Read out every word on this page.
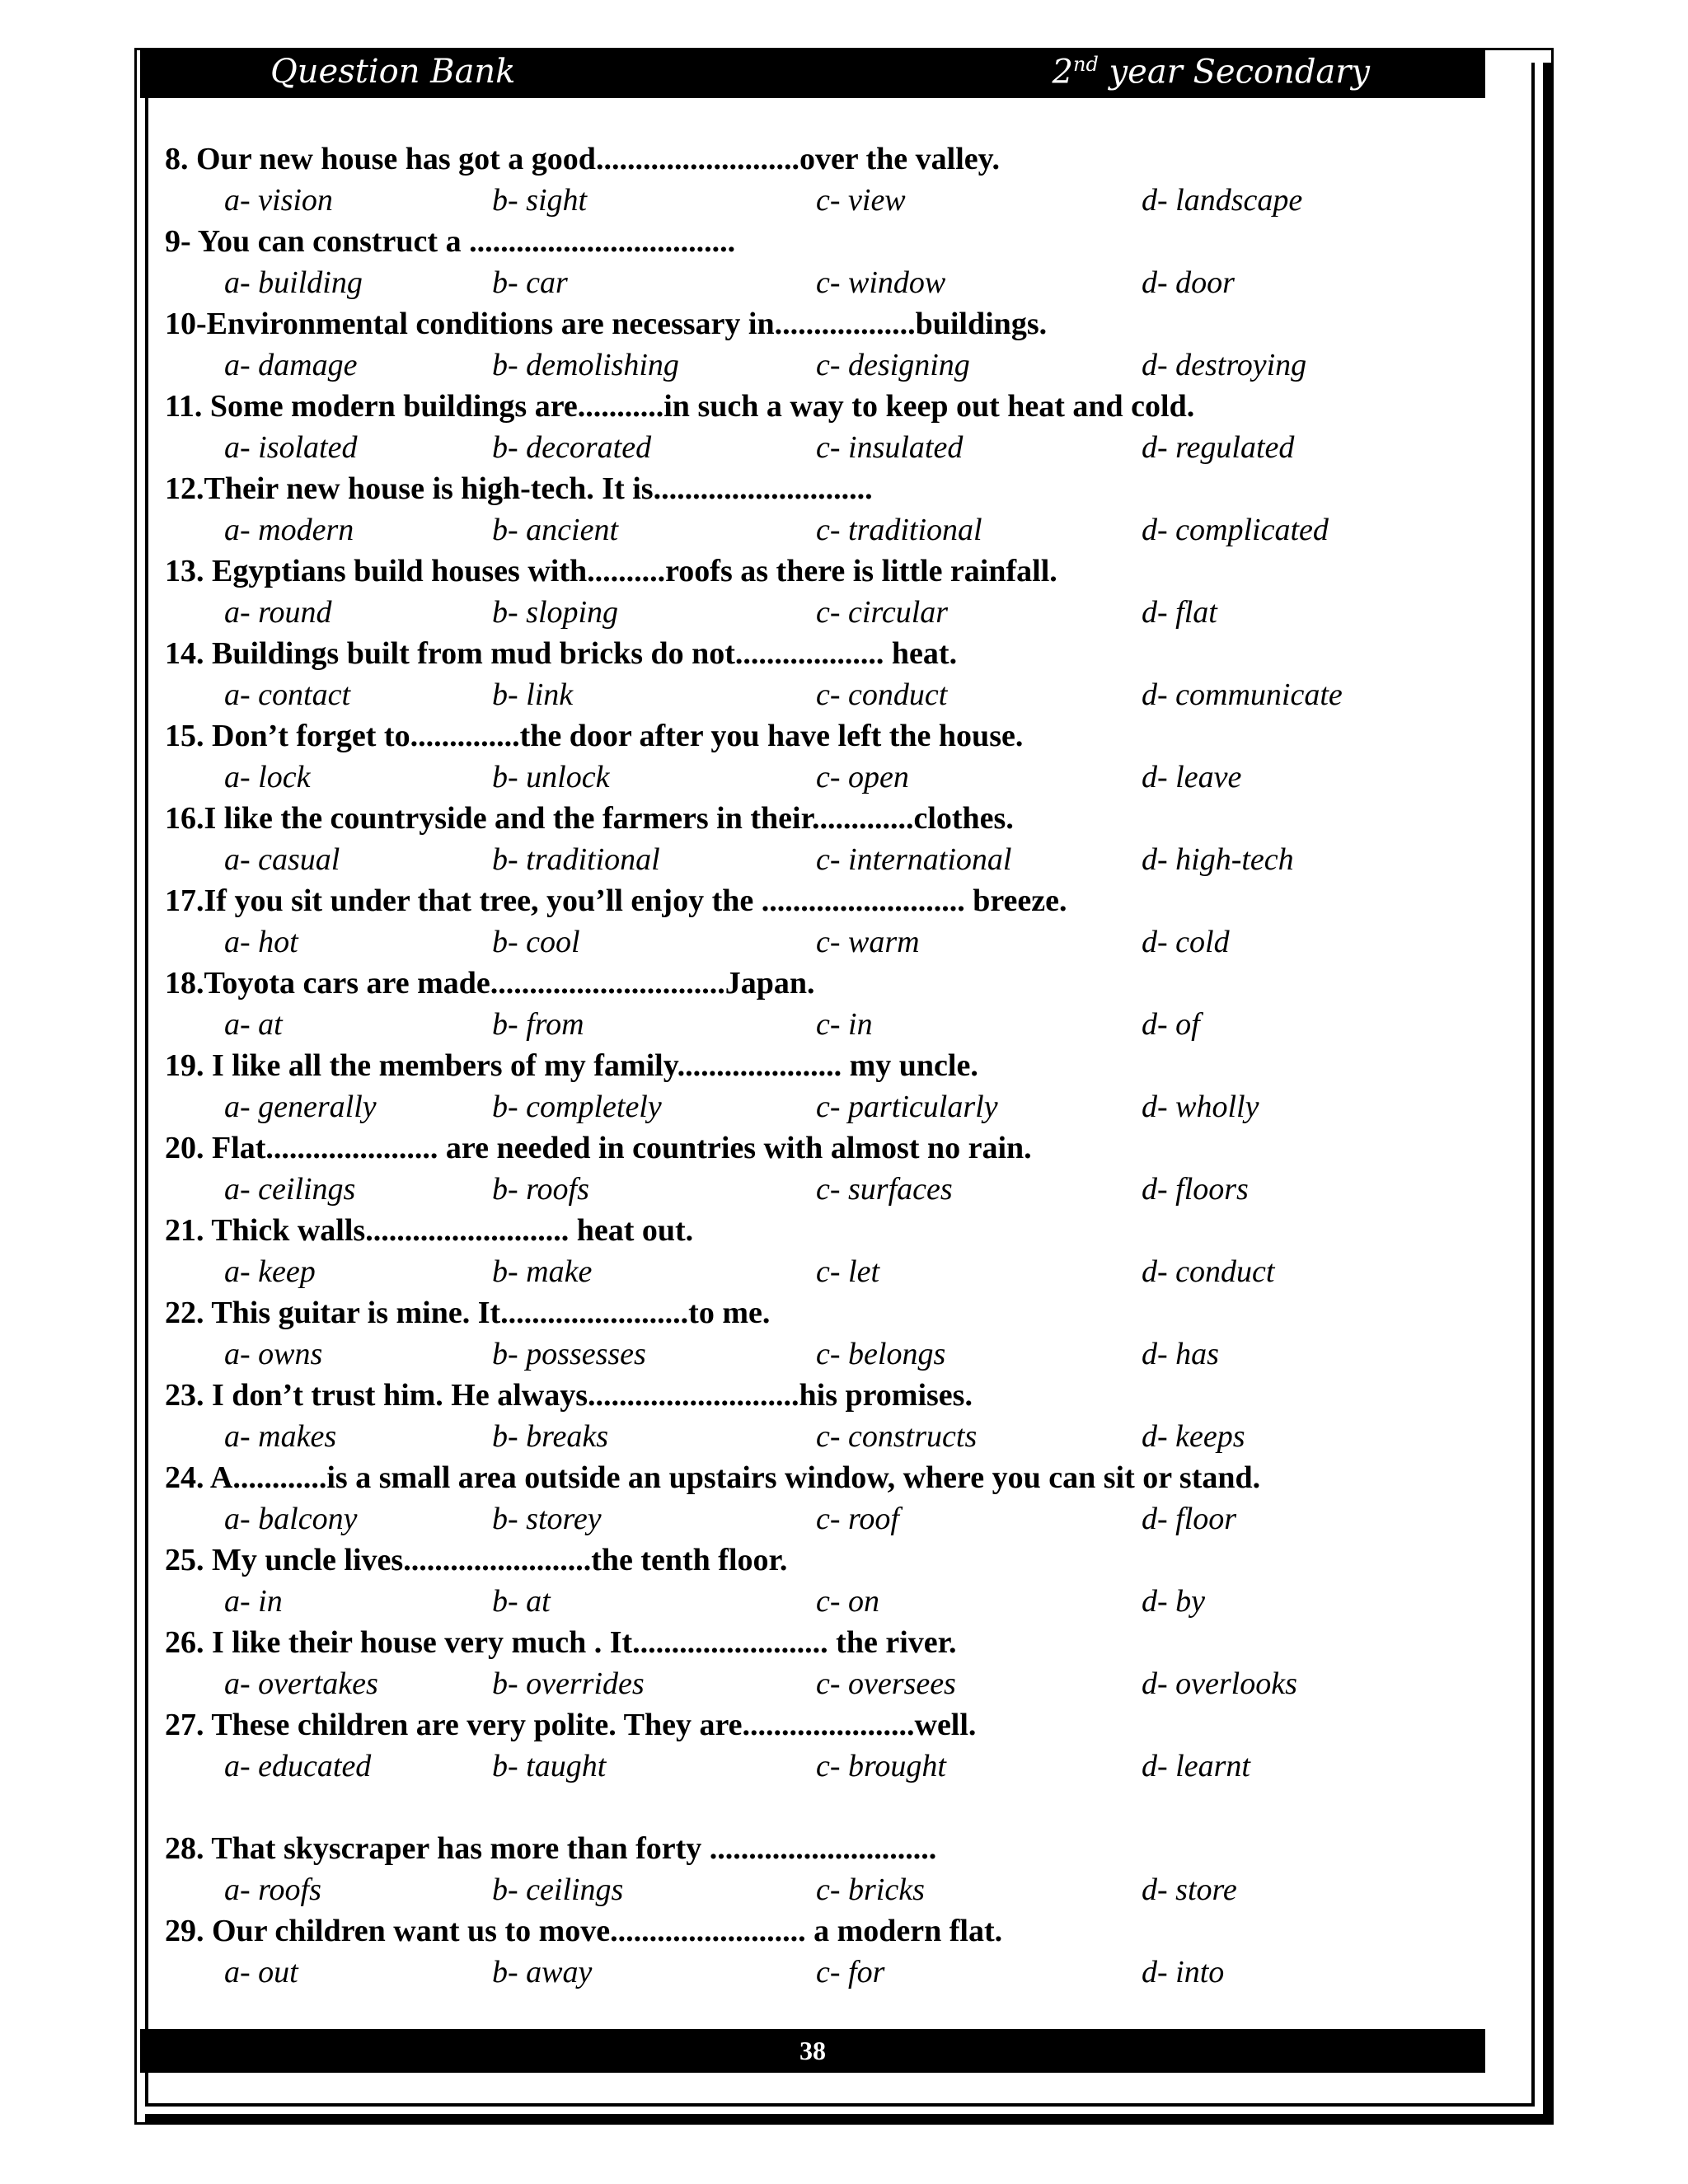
Question Bank	2nd year Secondary
8. Our new house has got a good..........................over the valley.
a- vision	b- sight	c- view	d- landscape
9- You can construct a ..................................
a- building	b- car	c- window	d- door
10-Environmental conditions are necessary in..................buildings.
a- damage	b- demolishing	c- designing	d- destroying
11. Some modern buildings are...........in such a way to keep out heat and cold.
a- isolated	b- decorated	c- insulated	d- regulated
12.Their new house is high-tech. It is............................
a- modern	b- ancient	c- traditional	d- complicated
13. Egyptians build houses with..........roofs as there is little rainfall.
a- round	b- sloping	c- circular	d- flat
14. Buildings built from mud bricks do not................... heat.
a- contact	b- link	c- conduct	d- communicate
15. Don’t forget to..............the door after you have left the house.
a- lock	b- unlock	c- open	d- leave
16.I like the countryside and the farmers in their.............clothes.
a- casual	b- traditional	c- international	d- high-tech
17.If you sit under that tree, you’ll enjoy the .......................... breeze.
a- hot	b- cool	c- warm	d- cold
18.Toyota cars are made..............................Japan.
a- at	b- from	c- in	d- of
19. I like all the members of my family..................... my uncle.
a- generally	b- completely	c- particularly	d- wholly
20. Flat...................... are needed in countries with almost no rain.
a- ceilings	b- roofs	c- surfaces	d- floors
21. Thick walls.......................... heat out.
a- keep	b- make	c- let	d- conduct
22. This guitar is mine. It........................to me.
a- owns	b- possesses	c- belongs	d- has
23. I don’t trust him. He always...........................his promises.
a- makes	b- breaks	c- constructs	d- keeps
24. A............is a small area outside an upstairs window, where you can sit or stand.
a- balcony	b- storey	c- roof	d- floor
25. My uncle lives........................the tenth floor.
a- in	b- at	c- on	d- by
26. I like their house very much . It......................... the river.
a- overtakes	b- overrides	c- oversees	d- overlooks
27. These children are very polite. They are......................well.
a- educated	b- taught	c- brought	d- learnt
28. That skyscraper has more than forty .............................
a- roofs	b- ceilings	c- bricks	d- store
29. Our children want us to move......................... a modern flat.
a- out	b- away	c- for	d- into
38
